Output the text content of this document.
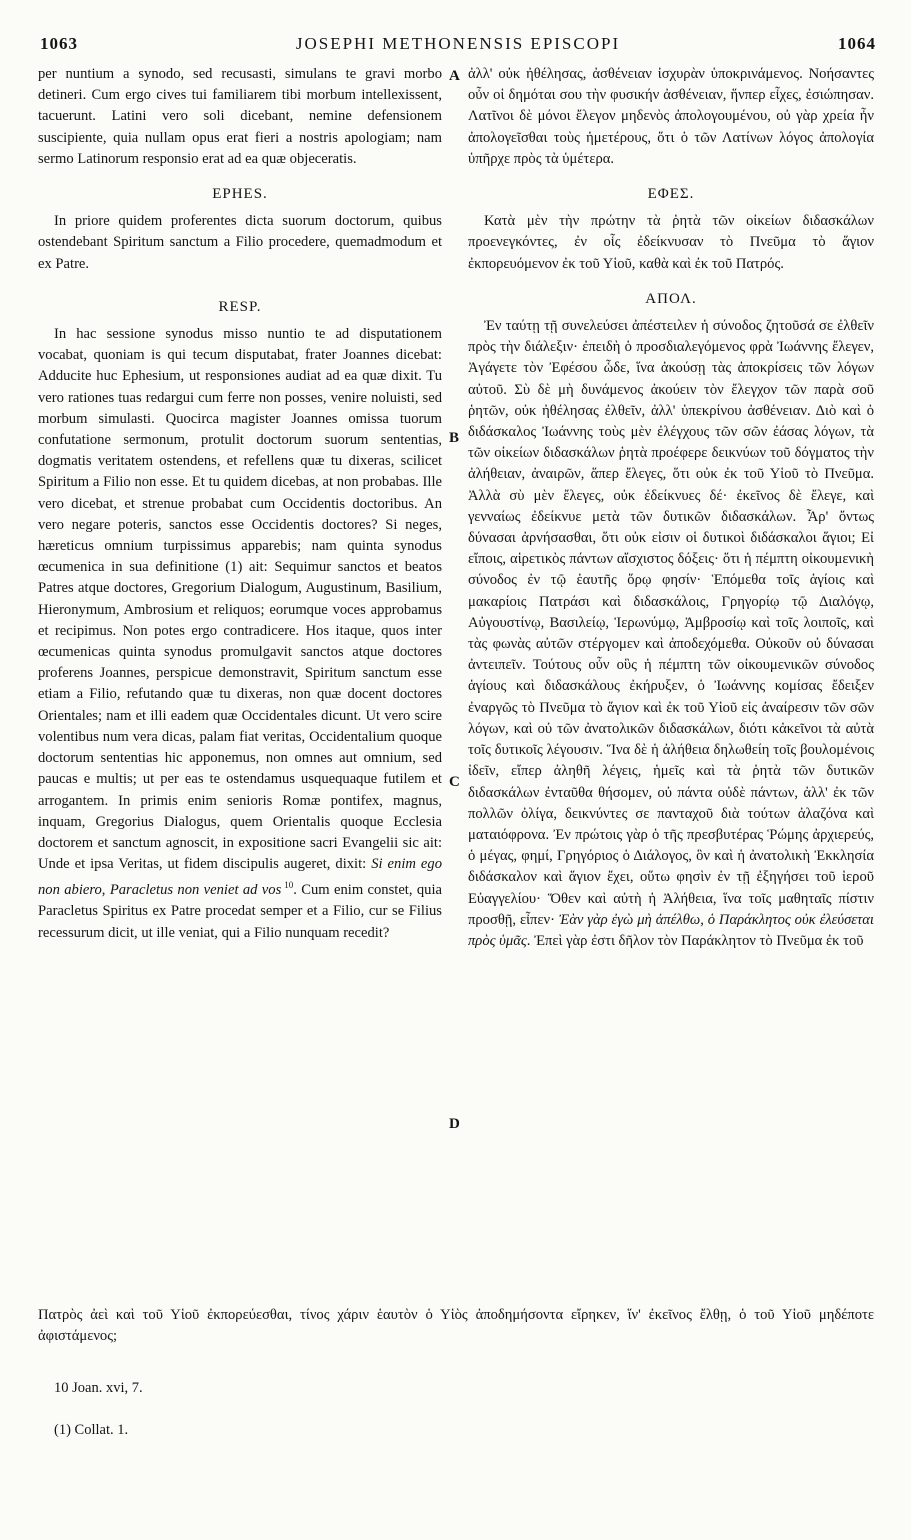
1063	JOSEPHI METHONENSIS EPISCOPI	1064

per nuntium a synodo, sed recusasti, simulans te gravi morbo detineri. Cum ergo cives tui familiarem tibi morbum intellexissent, tacuerunt. Latini vero soli dicebant, nemine defensionem suscipiente, quia nullam opus erat fieri a nostris apologiam; nam sermo Latinorum responsio erat ad ea quæ objeceratis.

EPHES.

In priore quidem proferentes dicta suorum doctorum, quibus ostendebant Spiritum sanctum a Filio procedere, quemadmodum et ex Patre.

RESP.

In hac sessione synodus misso nuntio te ad disputationem vocabat, quoniam is qui tecum disputabat, frater Joannes dicebat: Adducite huc Ephesium, ut responsiones audiat ad ea quæ dixit. Tu vero rationes tuas redargui cum ferre non posses, venire noluisti, sed morbum simulasti. Quocirca magister Joannes omissa tuorum confutatione sermonum, protulit doctorum suorum sententias, dogmatis veritatem ostendens, et refellens quæ tu dixeras, scilicet Spiritum a Filio non esse. Et tu quidem dicebas, at non probabas. Ille vero dicebat, et strenue probabat cum Occidentis doctoribus. An vero negare poteris, sanctos esse Occidentis doctores? Si neges, hæreticus omnium turpissimus apparebis; nam quinta synodus œcumenica in sua definitione (1) ait: Sequimur sanctos et beatos Patres atque doctores, Gregorium Dialogum, Augustinum, Basilium, Hieronymum, Ambrosium et reliquos; eorumque voces approbamus et recipimus. Non potes ergo contradicere. Hos itaque, quos inter œcumenicas quinta synodus promulgavit sanctos atque doctores proferens Joannes, perspicue demonstravit, Spiritum sanctum esse etiam a Filio, refutando quæ tu dixeras, non quæ docent doctores Orientales; nam et illi eadem quæ Occidentales dicunt. Ut vero scire volentibus num vera dicas, palam fiat veritas, Occidentalium quoque doctorum sententias hic apponemus, non omnes aut omnium, sed paucas e multis; ut per eas te ostendamus usquequaque futilem et arrogantem. In primis enim senioris Romæ pontifex, magnus, inquam, Gregorius Dialogus, quem Orientalis quoque Ecclesia doctorem et sanctum agnoscit, in expositione sacri Evangelii sic ait: Unde et ipsa Veritas, ut fidem discipulis augeret, dixit: Si enim ego non abiero, Paracletus non veniet ad vos $^{10}$. Cum enim constet, quia Paracletus Spiritus ex Patre procedat semper et a Filio, cur se Filius recessurum dicit, ut ille veniat, qui a Filio nunquam recedit?

A
B
C
D

ἀλλ' οὐκ ἠθέλησας, ἀσθένειαν ἰσχυρὰν ὑποκρινάμενος. Νοήσαντες οὖν οἱ δημόται σου τὴν φυσικήν ἀσθένειαν, ἥνπερ εἶχες, ἐσιώπησαν. Λατῖνοι δὲ μόνοι ἔλεγον μηδενὸς ἀπολογουμένου, οὐ γὰρ χρεία ἦν ἀπολογεῖσθαι τοὺς ἡμετέρους, ὅτι ὁ τῶν Λατίνων λόγος ἀπολογία ὑπῆρχε πρὸς τὰ ὑμέτερα.

ΕΦΕΣ.

Κατὰ μὲν τὴν πρώτην τὰ ῥητὰ τῶν οἰκείων διδασκάλων προενεγκόντες, ἐν οἷς ἐδείκνυσαν τὸ Πνεῦμα τὸ ἅγιον ἐκπορευόμενον ἐκ τοῦ Υἱοῦ, καθὰ καὶ ἐκ τοῦ Πατρός.

ΑΠΟΛ.

Ἐν ταύτῃ τῇ συνελεύσει ἀπέστειλεν ἡ σύνοδος ζητοῦσά σε ἐλθεῖν πρὸς τὴν διάλεξιν· ἐπειδὴ ὁ προσδιαλεγόμενος φρὰ Ἰωάννης ἔλεγεν, Ἀγάγετε τὸν Ἐφέσου ὧδε, ἵνα ἀκούσῃ τὰς ἀποκρίσεις τῶν λόγων αὐτοῦ. Σὺ δὲ μὴ δυνάμενος ἀκούειν τὸν ἔλεγχον τῶν παρὰ σοῦ ῥητῶν, οὐκ ἠθέλησας ἐλθεῖν, ἀλλ' ὑπεκρίνου ἀσθένειαν. Διὸ καὶ ὁ διδάσκαλος Ἰωάννης τοὺς μὲν ἐλέγχους τῶν σῶν ἐάσας λόγων, τὰ τῶν οἰκείων διδασκάλων ῥητὰ προέφερε δεικνύων τοῦ δόγματος τὴν ἀλήθειαν, ἀναιρῶν, ἅπερ ἔλεγες, ὅτι οὐκ ἐκ τοῦ Υἱοῦ τὸ Πνεῦμα. Ἀλλὰ σὺ μὲν ἔλεγες, οὐκ ἐδείκνυες δέ· ἐκεῖνος δὲ ἔλεγε, καὶ γενναίως ἐδείκνυε μετὰ τῶν δυτικῶν διδασκάλων. Ἆρ' ὄντως δύνασαι ἀρνήσασθαι, ὅτι οὐκ εἰσιν οἱ δυτικοὶ διδάσκαλοι ἅγιοι; Εἰ εἴποις, αἱρετικὸς πάντων αἴσχιστος δόξεις· ὅτι ἡ πέμπτη οἰκουμενικὴ σύνοδος ἐν τῷ ἑαυτῆς ὅρῳ φησίν· Ἑπόμεθα τοῖς ἁγίοις καὶ μακαρίοις Πατράσι καὶ διδασκάλοις, Γρηγορίῳ τῷ Διαλόγῳ, Αὐγουστίνῳ, Βασιλείῳ, Ἱερωνύμῳ, Ἀμβροσίῳ καὶ τοῖς λοιποῖς, καὶ τὰς φωνὰς αὐτῶν στέργομεν καὶ ἀποδεχόμεθα. Οὐκοῦν οὐ δύνασαι ἀντειπεῖν. Τούτους οὖν οὓς ἡ πέμπτη τῶν οἰκουμενικῶν σύνοδος ἁγίους καὶ διδασκάλους ἐκήρυξεν, ὁ Ἰωάννης κομίσας ἔδειξεν ἐναργῶς τὸ Πνεῦμα τὸ ἅγιον καὶ ἐκ τοῦ Υἱοῦ εἰς ἀναίρεσιν τῶν σῶν λόγων, καὶ οὐ τῶν ἀνατολικῶν διδασκάλων, διότι κἀκεῖνοι τὰ αὐτὰ τοῖς δυτικοῖς λέγουσιν. Ἵνα δὲ ἡ ἀλήθεια δηλωθείη τοῖς βουλομένοις ἰδεῖν, εἴπερ ἀληθῆ λέγεις, ἡμεῖς καὶ τὰ ῥητὰ τῶν δυτικῶν διδασκάλων ἐνταῦθα θήσομεν, οὐ πάντα οὐδὲ πάντων, ἀλλ' ἐκ τῶν πολλῶν ὀλίγα, δεικνύντες σε πανταχοῦ διὰ τούτων ἀλαζόνα καὶ ματαιόφρονα. Ἐν πρώτοις γὰρ ὁ τῆς πρεσβυτέρας Ῥώμης ἀρχιερεύς, ὁ μέγας, φημί, Γρηγόριος ὁ Διάλογος, ὃν καὶ ἡ ἀνατολικὴ Ἐκκλησία διδάσκαλον καὶ ἅγιον ἔχει, οὕτω φησὶν ἐν τῇ ἐξηγήσει τοῦ ἱεροῦ Εὐαγγελίου· Ὅθεν καὶ αὐτὴ ἡ Ἀλήθεια, ἵνα τοῖς μαθηταῖς πίστιν προσθῇ, εἶπεν· Ἐὰν γὰρ ἐγὼ μὴ ἀπέλθω, ὁ Παράκλητος οὐκ ἐλεύσεται πρὸς ὑμᾶς. Ἐπεὶ γὰρ ἐστι δῆλον τὸν Παράκλητον τὸ Πνεῦμα ἐκ τοῦ

Πατρὸς ἀεὶ καὶ τοῦ Υἱοῦ ἐκπορεύεσθαι, τίνος χάριν ἑαυτὸν ὁ Υἱὸς ἀποδημήσοντα εἴρηκεν, ἵν' ἐκεῖνος ἔλθῃ, ὁ τοῦ Υἱοῦ μηδέποτε ἀφιστάμενος;
10 Joan. xvi, 7.
(1) Collat. 1.
